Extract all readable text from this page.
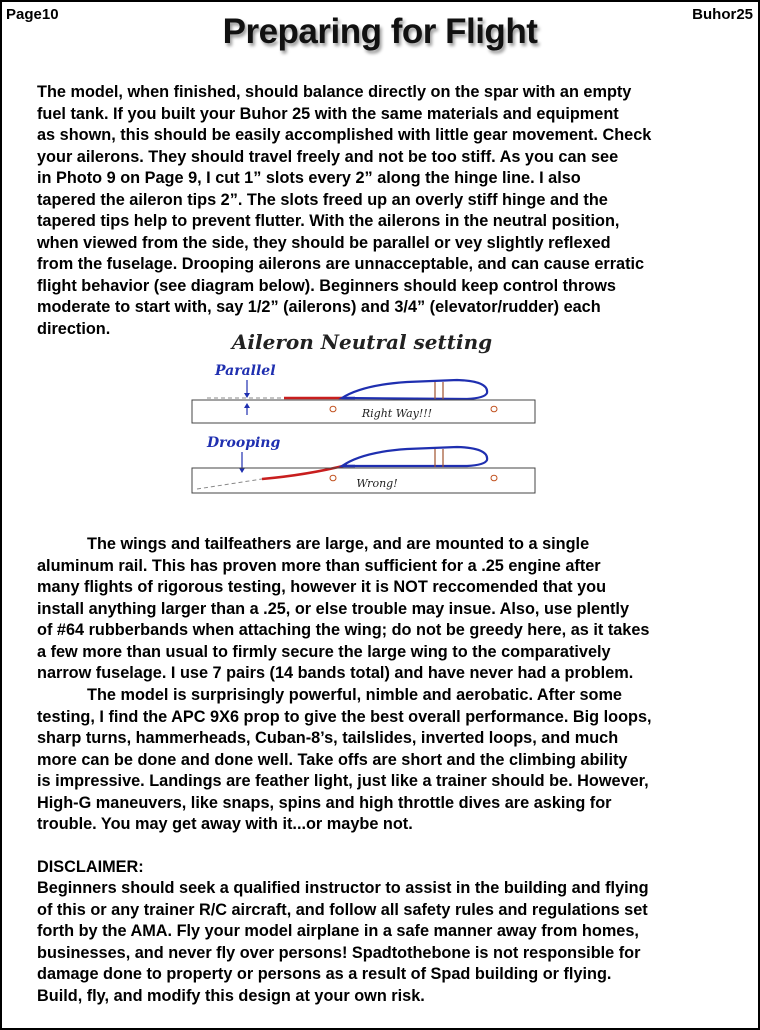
Page10	Buhor25
Preparing for Flight

The model, when finished, should balance directly on the spar with an empty
fuel tank. If you built your Buhor 25 with the same materials and equipment
as shown, this should be easily accomplished with little gear movement. Check
your ailerons. They should travel freely and not be too stiff. As you can see
in Photo 9 on Page 9, I cut 1” slots every 2” along the hinge line. I also
tapered the aileron tips 2”. The slots freed up an overly stiff hinge and the
tapered tips help to prevent flutter. With the ailerons in the neutral position,
when viewed from the side, they should be parallel or vey slightly reflexed
from the fuselage. Drooping ailerons are unnacceptable, and can cause erratic
flight behavior (see diagram below). Beginners should keep control throws
moderate to start with, say 1/2” (ailerons) and 3/4” (elevator/rudder) each
direction.

Aileron Neutral setting
Parallel
Right Way!!!
Drooping
Wrong!

The wings and tailfeathers are large, and are mounted to a single
aluminum rail. This has proven more than sufficient for a .25 engine after
many flights of rigorous testing, however it is NOT reccomended that you
install anything larger than a .25, or else trouble may insue. Also, use plently
of #64 rubberbands when attaching the wing; do not be greedy here, as it takes
a few more than usual to firmly secure the large wing to the comparatively
narrow fuselage. I use 7 pairs (14 bands total) and have never had a problem.

The model is surprisingly powerful, nimble and aerobatic. After some
testing, I find the APC 9X6 prop to give the best overall performance. Big loops,
sharp turns, hammerheads, Cuban-8’s, tailslides, inverted loops, and much
more can be done and done well. Take offs are short and the climbing ability
is impressive. Landings are feather light, just like a trainer should be. However,
High-G maneuvers, like snaps, spins and high throttle dives are asking for
trouble. You may get away with it...or maybe not.

DISCLAIMER:

Beginners should seek a qualified instructor to assist in the building and flying
of this or any trainer R/C aircraft, and follow all safety rules and regulations set
forth by the AMA. Fly your model airplane in a safe manner away from homes,
businesses, and never fly over persons! Spadtothebone is not responsible for
damage done to property or persons as a result of Spad building or flying.
Build, fly, and modify this design at your own risk.
